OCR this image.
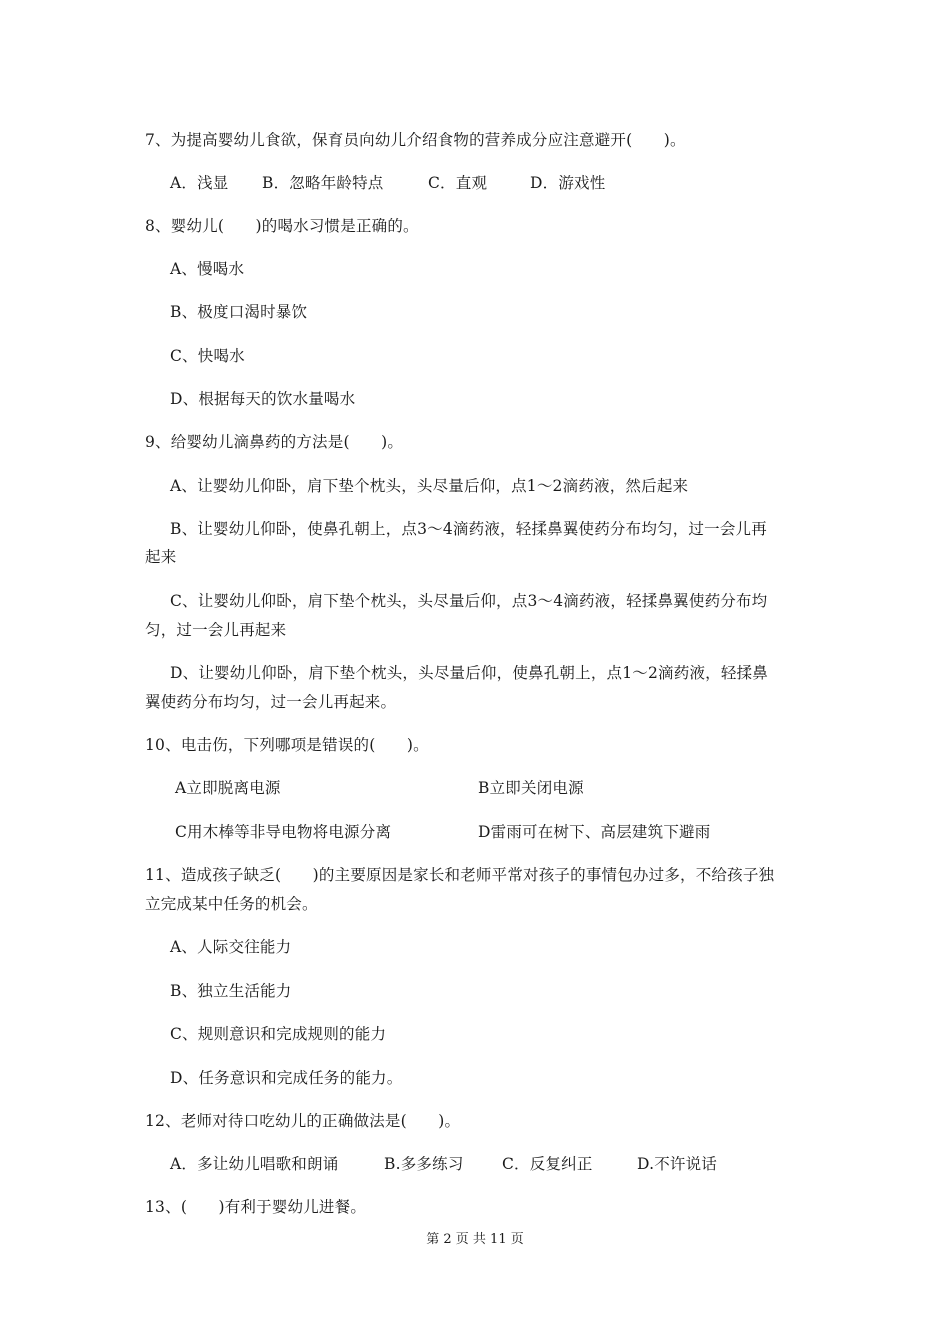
7、为提高婴幼儿食欲，保育员向幼儿介绍食物的营养成分应注意避开(　　)。
A．浅显 B．忽略年龄特点	C．直观	D．游戏性
8、婴幼儿(　　)的喝水习惯是正确的。
A、慢喝水
B、极度口渴时暴饮
C、快喝水
D、根据每天的饮水量喝水
9、给婴幼儿滴鼻药的方法是(　　)。
A、让婴幼儿仰卧，肩下垫个枕头，头尽量后仰，点1～2滴药液，然后起来
B、让婴幼儿仰卧，使鼻孔朝上，点3～4滴药液，轻揉鼻翼使药分布均匀，过一会儿再
起来
C、让婴幼儿仰卧，肩下垫个枕头，头尽量后仰，点3～4滴药液，轻揉鼻翼使药分布均
匀，过一会儿再起来
D、让婴幼儿仰卧，肩下垫个枕头，头尽量后仰，使鼻孔朝上，点1～2滴药液，轻揉鼻
翼使药分布均匀，过一会儿再起来。
10、电击伤，下列哪项是错误的(　　)。
A立即脱离电源	B立即关闭电源
C用木棒等非导电物将电源分离	D雷雨可在树下、高层建筑下避雨
11、造成孩子缺乏(　　)的主要原因是家长和老师平常对孩子的事情包办过多，不给孩子独
立完成某中任务的机会。
A、人际交往能力
B、独立生活能力
C、规则意识和完成规则的能力
D、任务意识和完成任务的能力。
12、老师对待口吃幼儿的正确做法是(　　)。
A．多让幼儿唱歌和朗诵	B.多多练习 C．反复纠正	D.不许说话
13、(　　)有利于婴幼儿进餐。
第 2 页 共 11 页
